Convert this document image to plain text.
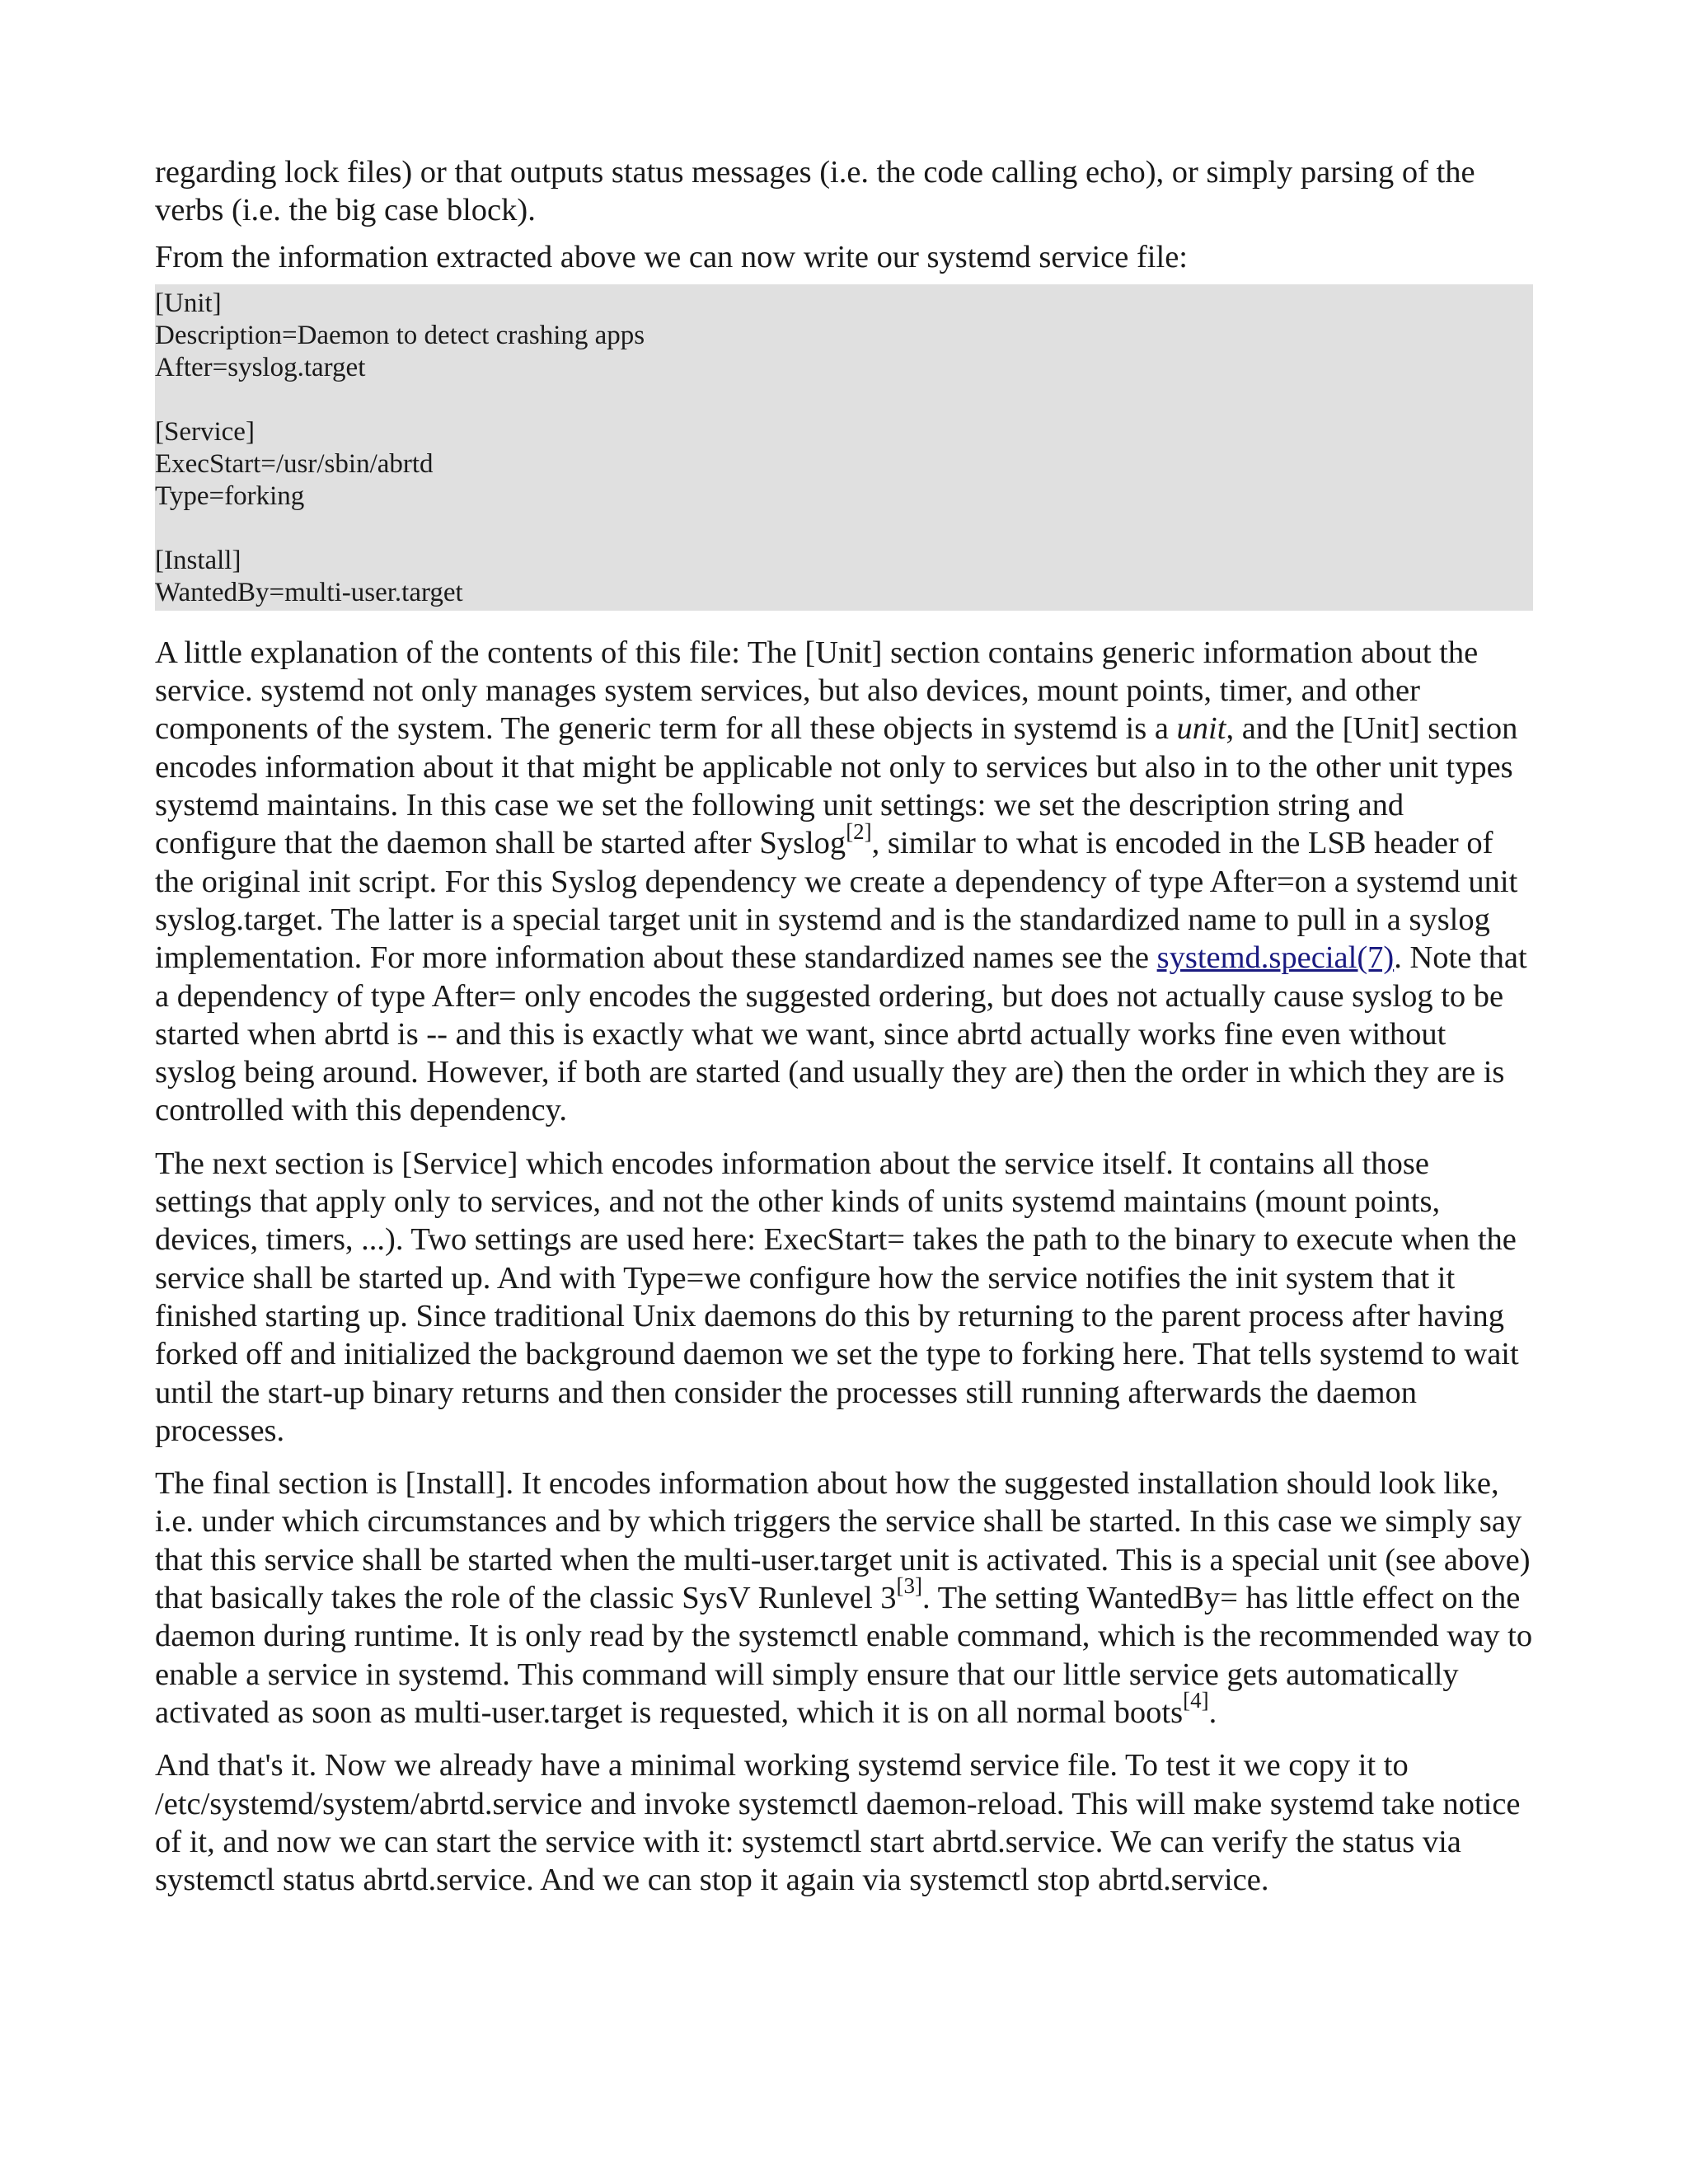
regarding lock files) or that outputs status messages (i.e. the code calling echo), or simply parsing of the verbs (i.e. the big case block).

From the information extracted above we can now write our systemd service file:

[Unit]
Description=Daemon to detect crashing apps
After=syslog.target
[Service]
ExecStart=/usr/sbin/abrtd
Type=forking
[Install]
WantedBy=multi-user.target

A little explanation of the contents of this file: The [Unit] section contains generic information about the service. systemd not only manages system services, but also devices, mount points, timer, and other components of the system. The generic term for all these objects in systemd is a unit, and the [Unit] section encodes information about it that might be applicable not only to services but also in to the other unit types systemd maintains. In this case we set the following unit settings: we set the description string and configure that the daemon shall be started after Syslog[2], similar to what is encoded in the LSB header of the original init script. For this Syslog dependency we create a dependency of type After=on a systemd unit syslog.target. The latter is a special target unit in systemd and is the standardized name to pull in a syslog implementation. For more information about these standardized names see the systemd.special(7). Note that a dependency of type After= only encodes the suggested ordering, but does not actually cause syslog to be started when abrtd is -- and this is exactly what we want, since abrtd actually works fine even without syslog being around. However, if both are started (and usually they are) then the order in which they are is controlled with this dependency.

The next section is [Service] which encodes information about the service itself. It contains all those settings that apply only to services, and not the other kinds of units systemd maintains (mount points, devices, timers, ...). Two settings are used here: ExecStart= takes the path to the binary to execute when the service shall be started up. And with Type=we configure how the service notifies the init system that it finished starting up. Since traditional Unix daemons do this by returning to the parent process after having forked off and initialized the background daemon we set the type to forking here. That tells systemd to wait until the start-up binary returns and then consider the processes still running afterwards the daemon processes.

The final section is [Install]. It encodes information about how the suggested installation should look like, i.e. under which circumstances and by which triggers the service shall be started. In this case we simply say that this service shall be started when the multi-user.target unit is activated. This is a special unit (see above) that basically takes the role of the classic SysV Runlevel 3[3]. The setting WantedBy= has little effect on the daemon during runtime. It is only read by the systemctl enable command, which is the recommended way to enable a service in systemd. This command will simply ensure that our little service gets automatically activated as soon as multi-user.target is requested, which it is on all normal boots[4].

And that's it. Now we already have a minimal working systemd service file. To test it we copy it to /etc/systemd/system/abrtd.service and invoke systemctl daemon-reload. This will make systemd take notice of it, and now we can start the service with it: systemctl start abrtd.service. We can verify the status via systemctl status abrtd.service. And we can stop it again via systemctl stop abrtd.service.
